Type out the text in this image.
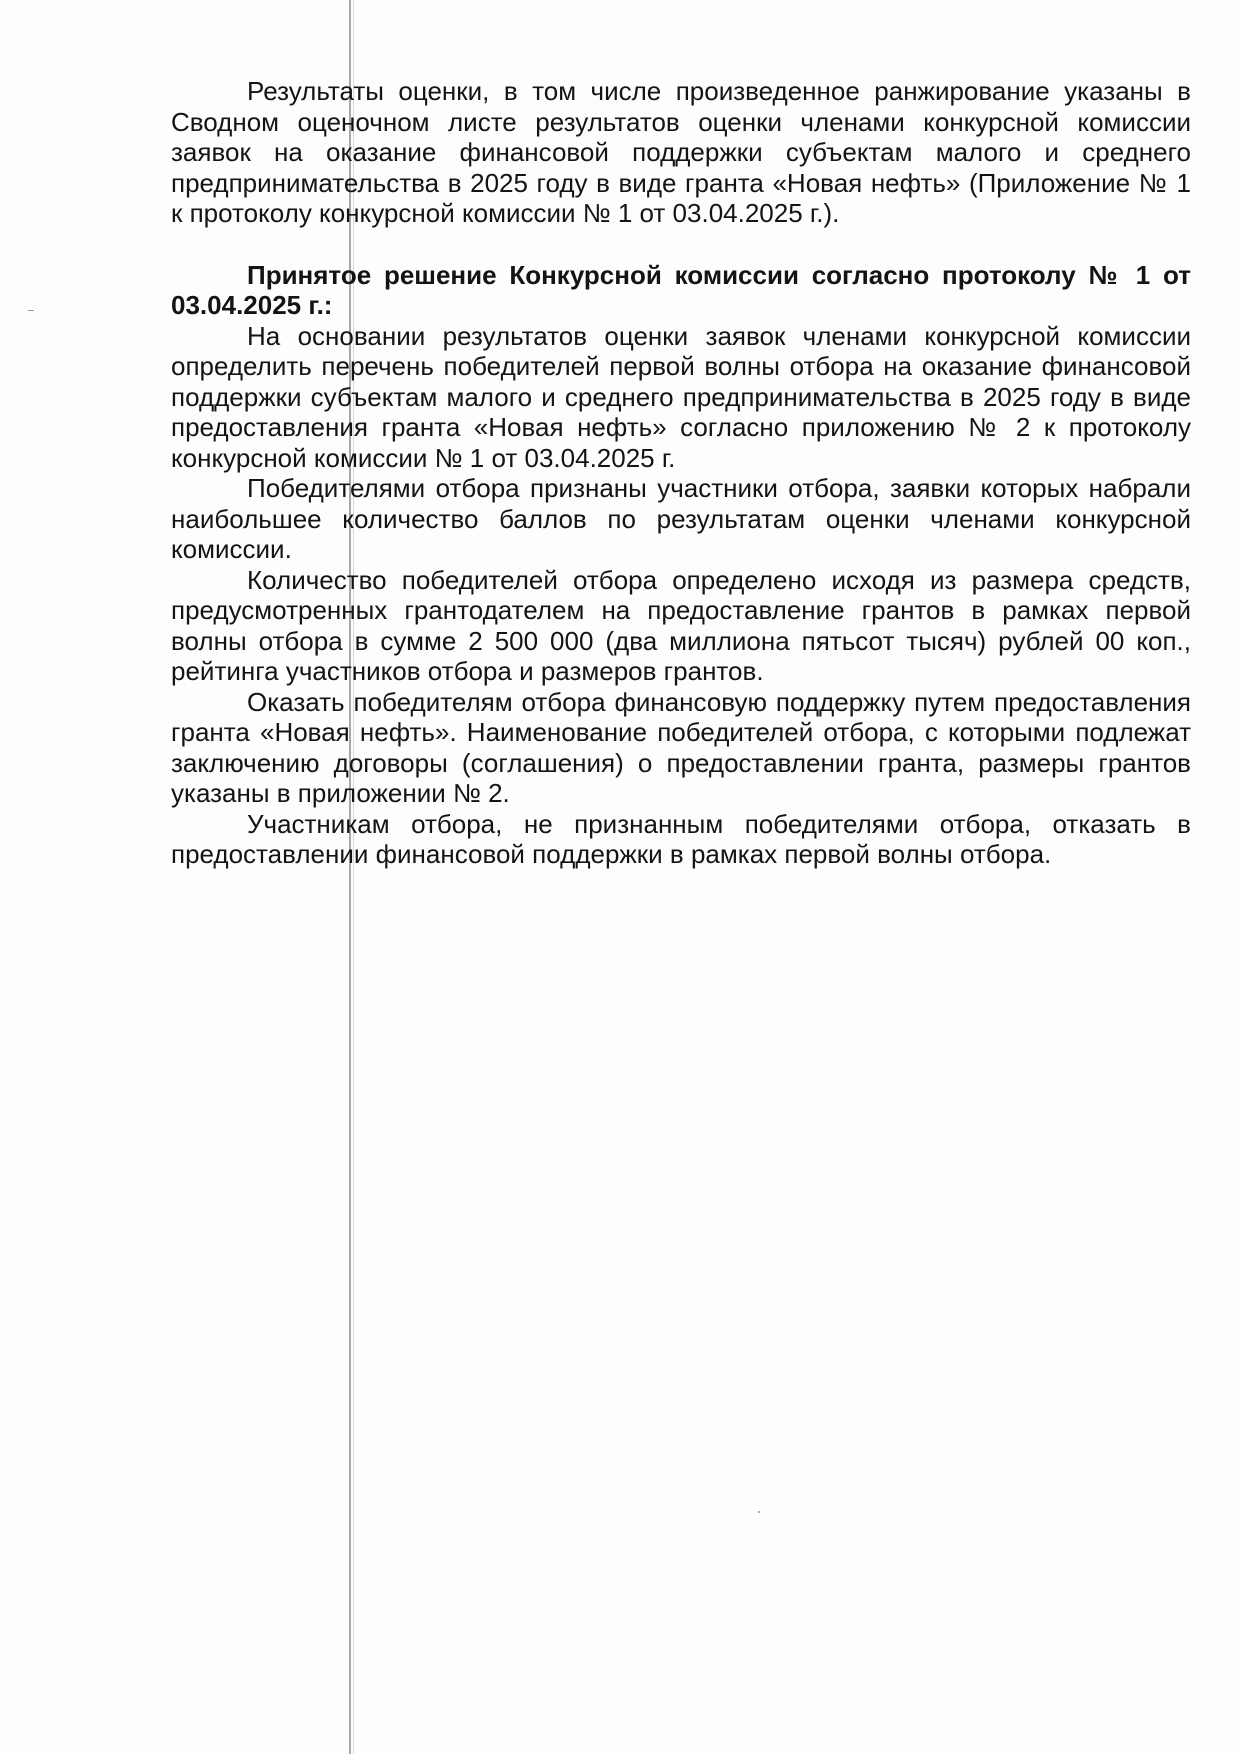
Результаты оценки, в том числе произведенное ранжирование указаны в Сводном оценочном листе результатов оценки членами конкурсной комиссии заявок на оказание финансовой поддержки субъектам малого и среднего предпринимательства в 2025 году в виде гранта «Новая нефть» (Приложение № 1 к протоколу конкурсной комиссии № 1 от 03.04.2025 г.).

Принятое решение Конкурсной комиссии согласно протоколу № 1 от 03.04.2025 г.:

На основании результатов оценки заявок членами конкурсной комиссии определить перечень победителей первой волны отбора на оказание финансовой поддержки субъектам малого и среднего предпринимательства в 2025 году в виде предоставления гранта «Новая нефть» согласно приложению № 2 к протоколу конкурсной комиссии № 1 от 03.04.2025 г.

Победителями отбора признаны участники отбора, заявки которых набрали наибольшее количество баллов по результатам оценки членами конкурсной комиссии.

Количество победителей отбора определено исходя из размера средств, предусмотренных грантодателем на предоставление грантов в рамках первой волны отбора в сумме 2 500 000 (два миллиона пятьсот тысяч) рублей 00 коп., рейтинга участников отбора и размеров грантов.

Оказать победителям отбора финансовую поддержку путем предоставления гранта «Новая нефть». Наименование победителей отбора, с которыми подлежат заключению договоры (соглашения) о предоставлении гранта, размеры грантов указаны в приложении № 2.

Участникам отбора, не признанным победителями отбора, отказать в предоставлении финансовой поддержки в рамках первой волны отбора.
